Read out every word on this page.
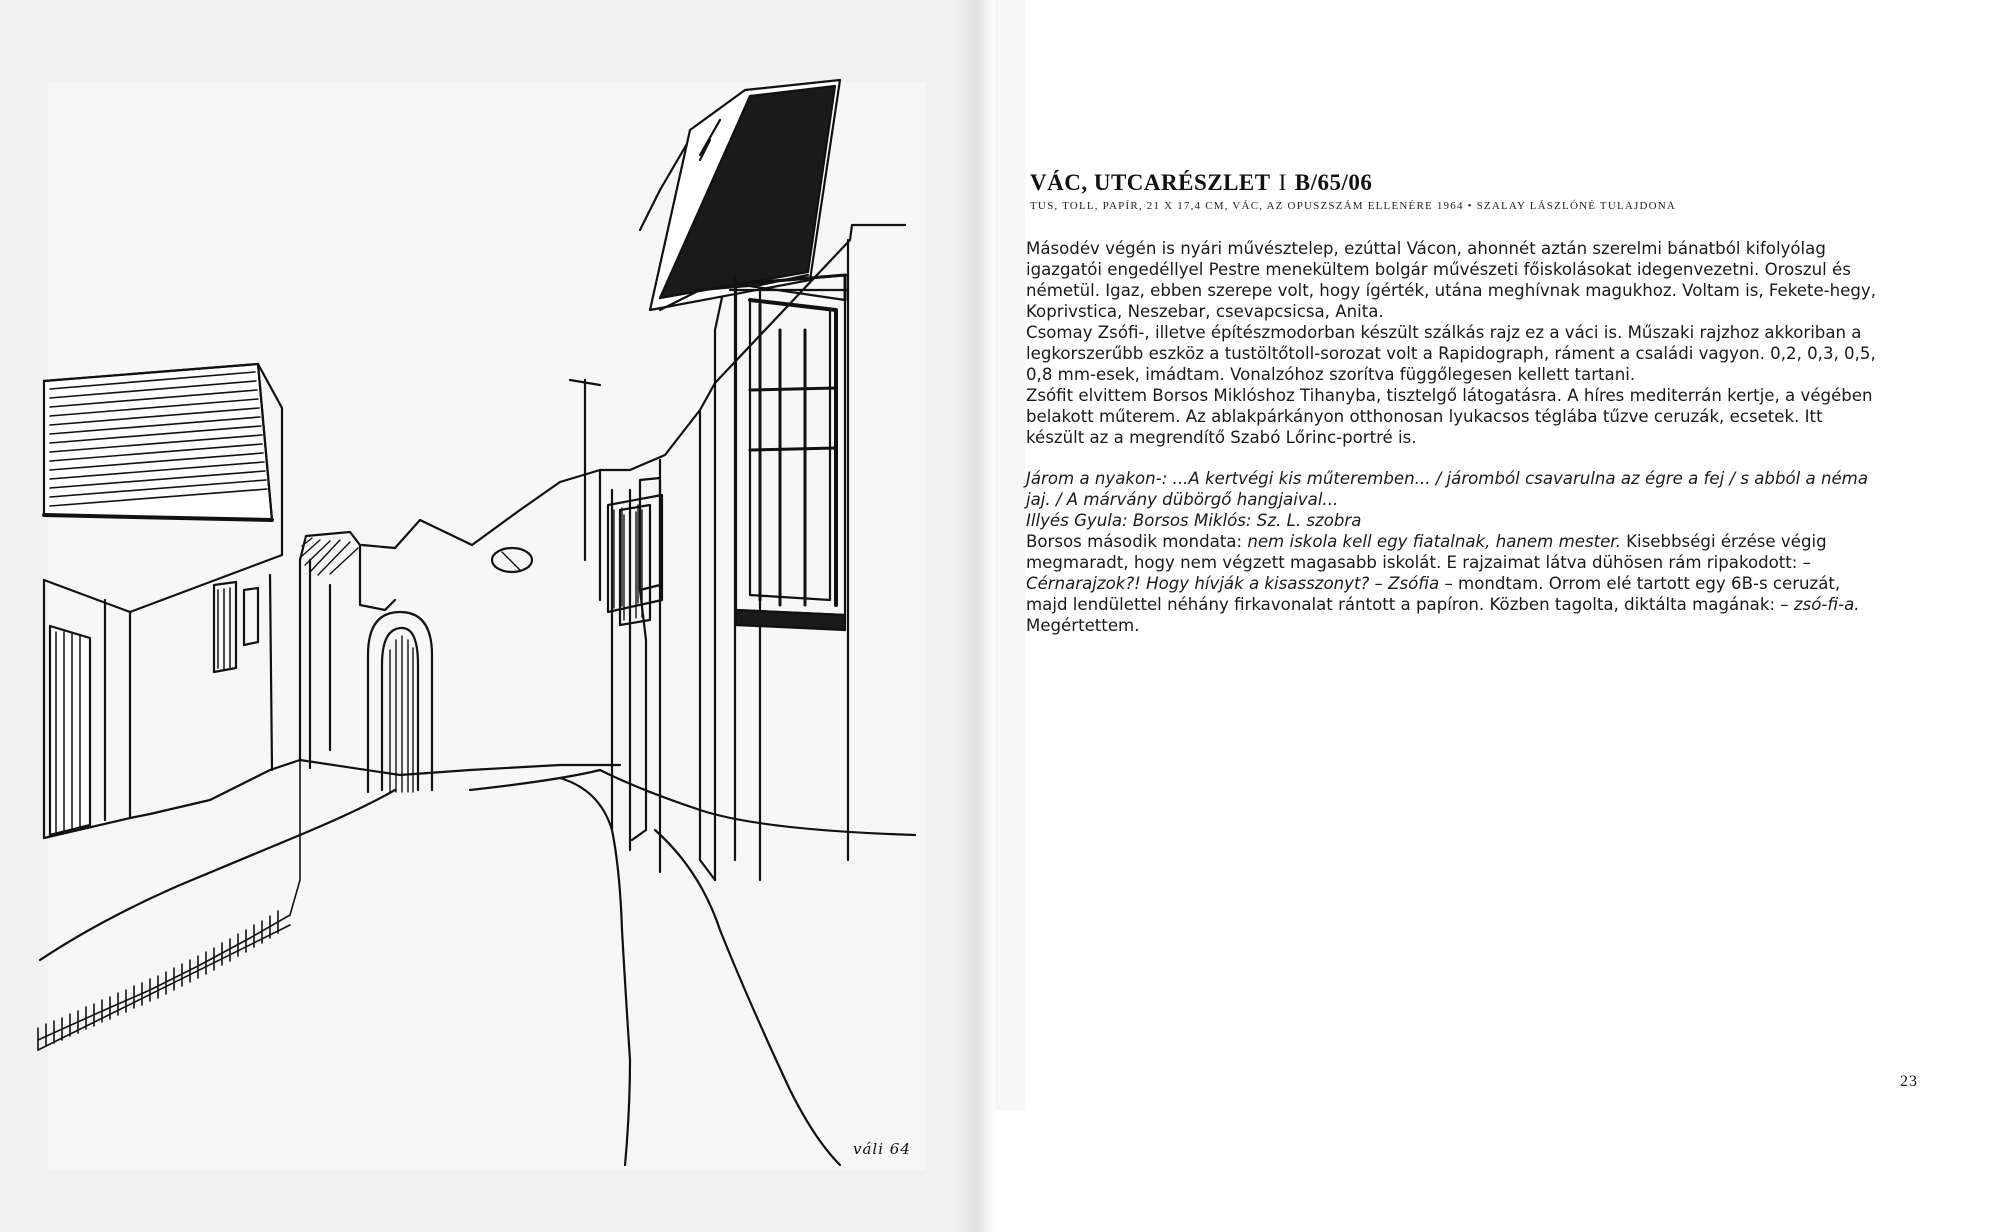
váli 64
VÁC, UTCARÉSZLET I B/65/06
TUS, TOLL, PAPÍR, 21 X 17,4 CM, VÁC, AZ OPUSZSZÁM ELLENÉRE 1964 • SZALAY LÁSZLÓNÉ TULAJDONA

Másodév végén is nyári művésztelep, ezúttal Vácon, ahonnét aztán szerelmi bánatból kifolyólag igazgatói engedéllyel Pestre menekültem bolgár művészeti főiskolásokat idegenvezetni. Oroszul és németül. Igaz, ebben szerepe volt, hogy ígérték, utána meghívnak magukhoz. Voltam is, Fekete-hegy, Koprivstica, Neszebar, csevapcsicsa, Anita.

Csomay Zsófi-, illetve építészmodorban készült szálkás rajz ez a váci is. Műszaki rajzhoz akkoriban a legkorszerűbb eszköz a tustöltőtoll-sorozat volt a Rapidograph, ráment a családi vagyon. 0,2, 0,3, 0,5, 0,8 mm-esek, imádtam. Vonalzóhoz szorítva függőlegesen kellett tartani.

Zsófit elvittem Borsos Miklóshoz Tihanyba, tisztelgő látogatásra. A híres mediterrán kertje, a végében belakott műterem. Az ablakpárkányon otthonosan lyukacsos téglába tűzve ceruzák, ecsetek. Itt készült az a megrendítő Szabó Lőrinc-portré is.

Járom a nyakon-: ...A kertvégi kis műteremben... / járomból csavarulna az égre a fej / s abból a néma jaj. / A márvány dübörgő hangjaival...

Illyés Gyula: Borsos Miklós: Sz. L. szobra

Borsos második mondata: nem iskola kell egy fiatalnak, hanem mester. Kisebbségi érzése végig megmaradt, hogy nem végzett magasabb iskolát. E rajzaimat látva dühösen rám ripakodott: – Cérnarajzok?! Hogy hívják a kisasszonyt? – Zsófia – mondtam. Orrom elé tartott egy 6B-s ceruzát, majd lendülettel néhány firkavonalat rántott a papíron. Közben tagolta, diktálta magának: – zsó-fi-a.

Megértettem.

23
